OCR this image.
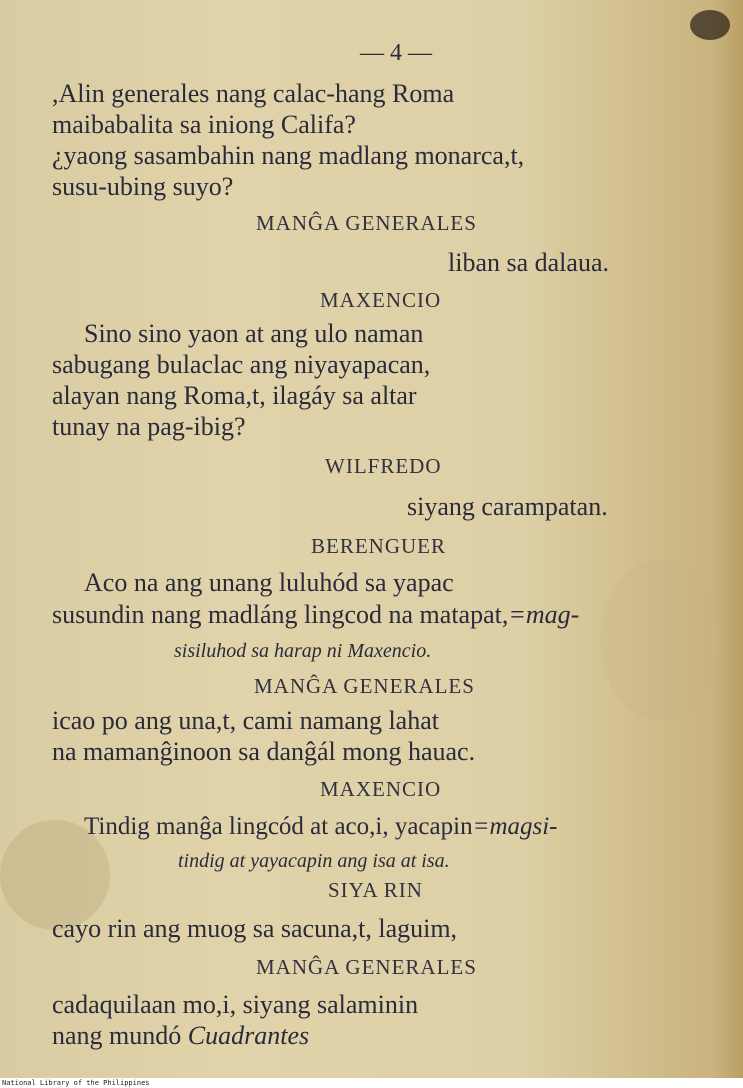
— 4 —
,Alin generales nang calac-hang Roma
maibabalita sa iniong Califa?
¿yaong sasambahin nang madlang monarca,t,
susu-ubing suyo?
MANĜA GENERALES
liban sa dalaua.
MAXENCIO
Sino sino yaon at ang ulo naman
sabugang bulaclac ang niyayapacan,
alayan nang Roma,t, ilagáy sa altar
tunay na pag-ibig?
WILFREDO
siyang carampatan.
BERENGUER
Aco na ang unang luluhód sa yapac
susundin nang madláng lingcod na matapat,=mag-
sisiluhod sa harap ni Maxencio.
MANĜA GENERALES
icao po ang una,t, cami namang lahat
na mamanĝinoon sa danĝál mong hauac.
MAXENCIO
Tindig manĝa lingcód at aco,i, yacapin=magsi-
tindig at yayacapin ang isa at isa.
SIYA RIN
cayo rin ang muog sa sacuna,t, laguim,
MANĜA GENERALES
cadaquilaan mo,i, siyang salaminin
nang mundó Cuadrantes
National Library of the Philippines
